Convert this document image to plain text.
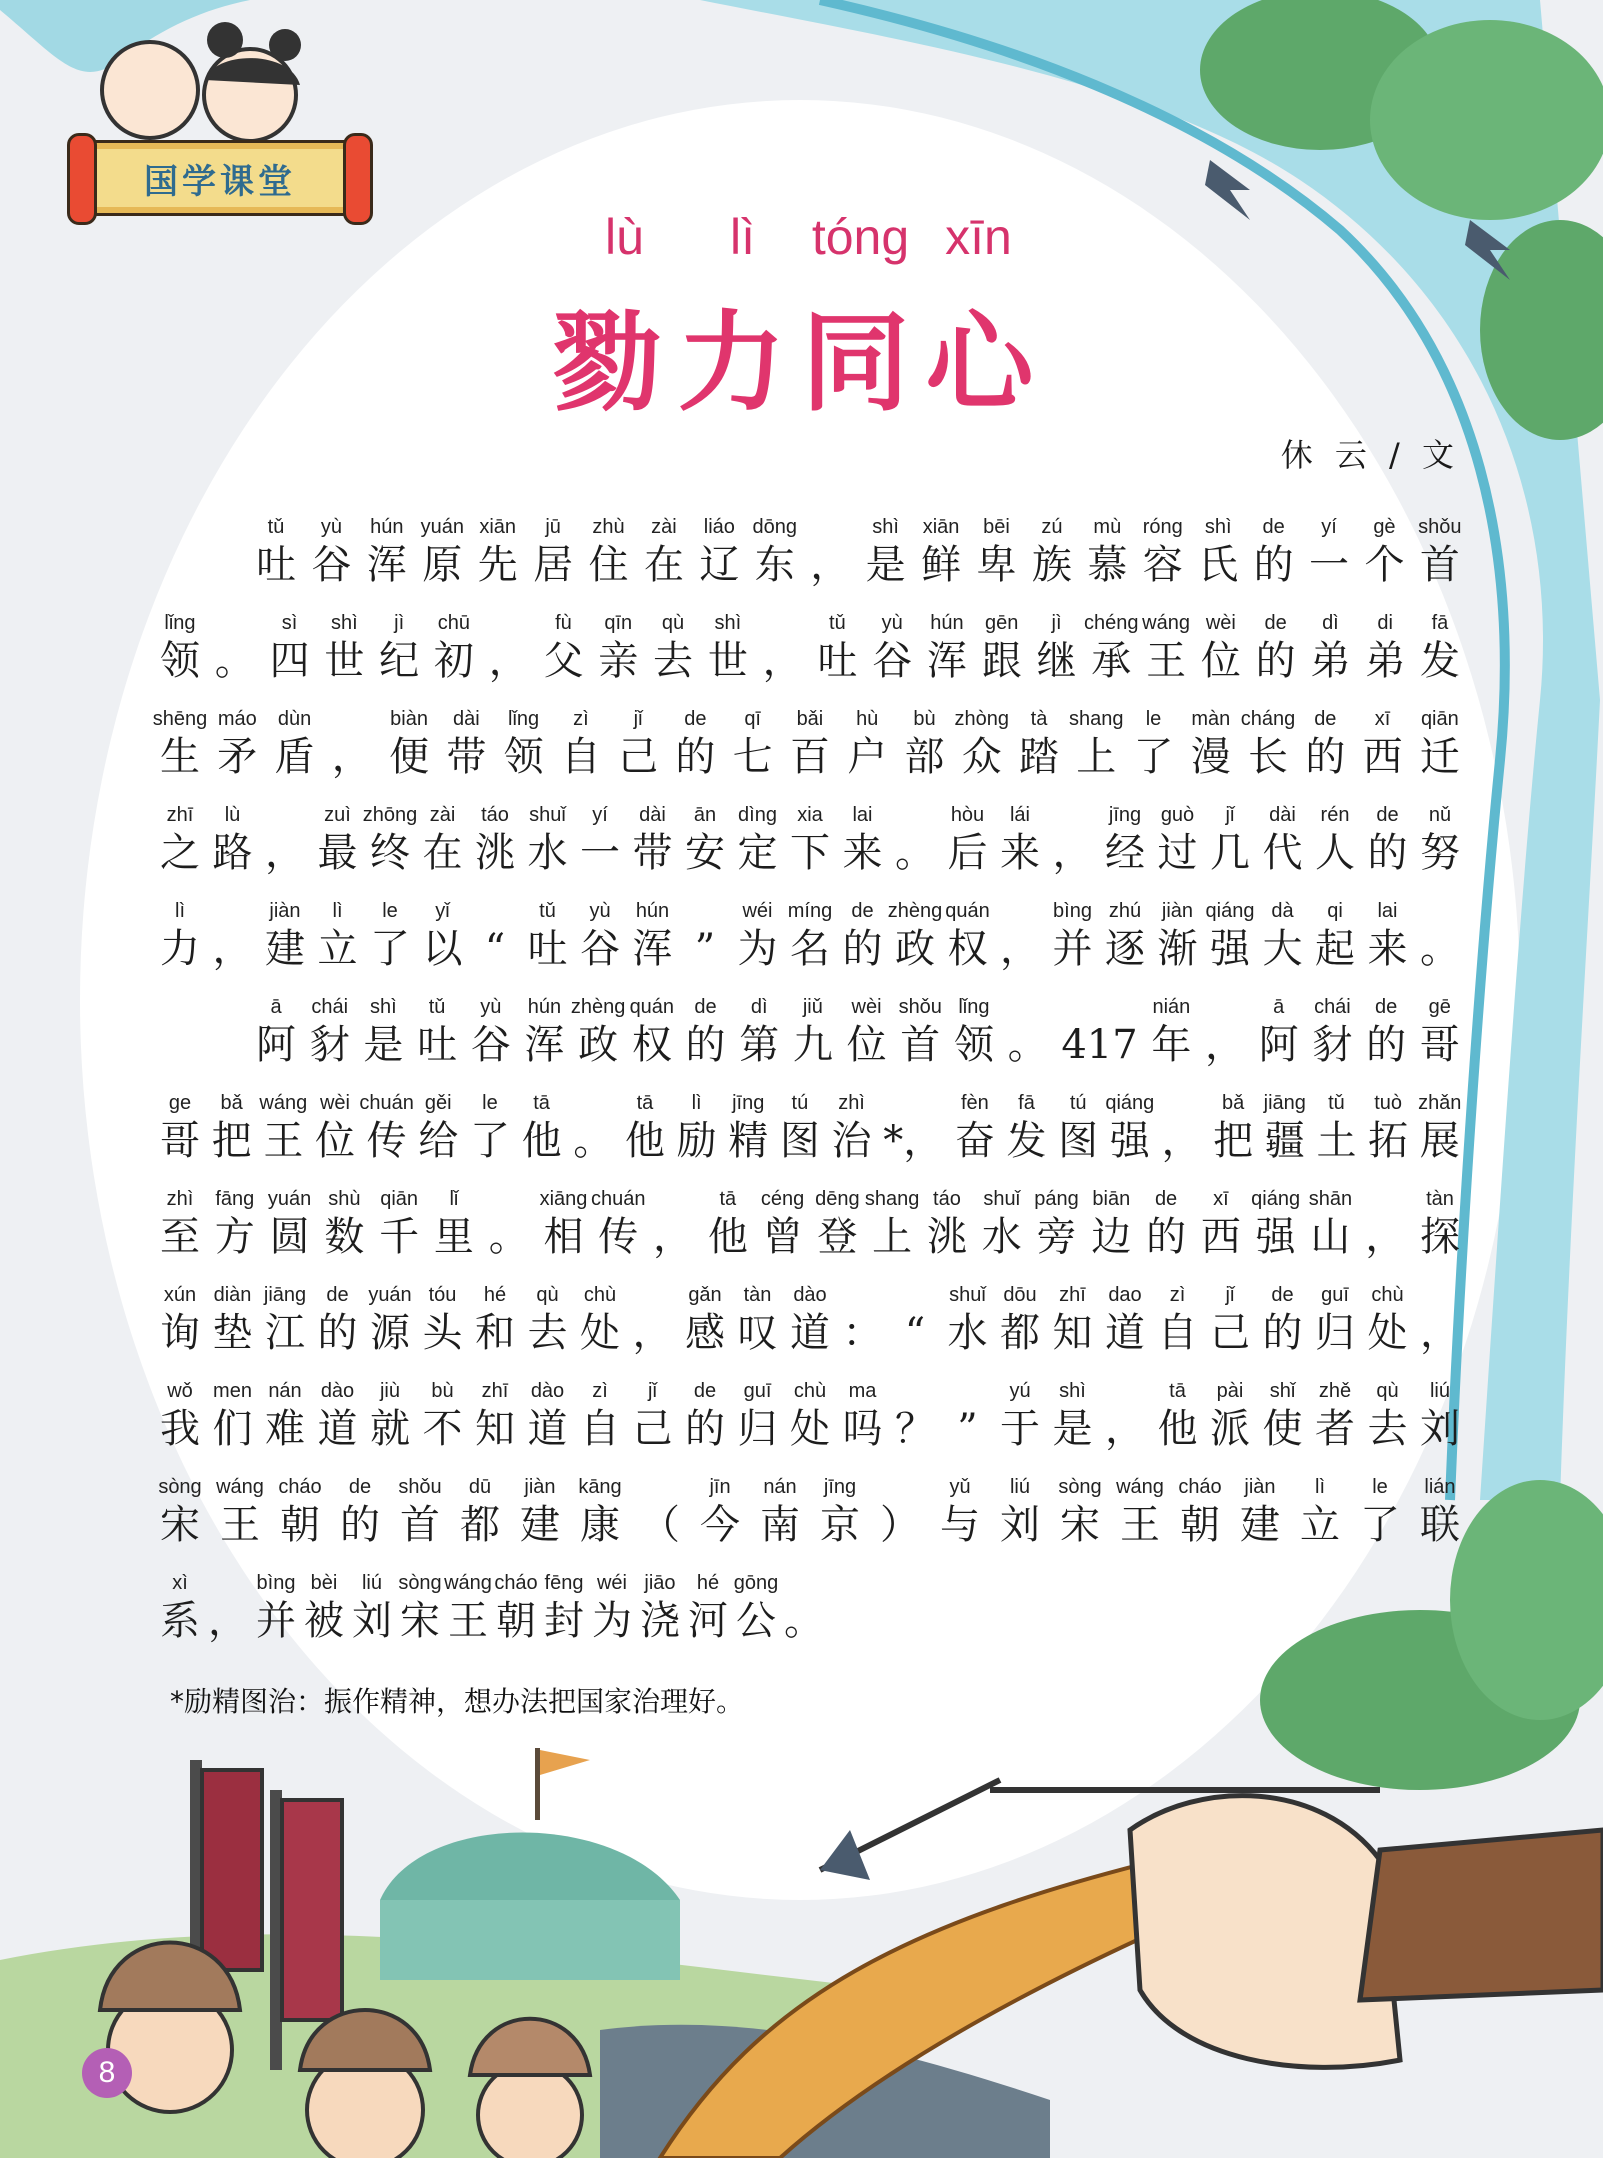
国学课堂
lù	lì	tóng xīn
勠力同心
休 云 / 文
tǔ
吐
yù
谷
hún
浑
yuán
原
xiān
先
jū
居
zhù
住
zài
在
liáo
辽
dōng
东 ，
shì
是
xiān
鲜
bēi
卑
zú
族
mù
慕
róng
容
shì
氏
de
的
yí
一
gè
个
shǒu
首
lǐng
领 。
sì
四
shì
世
jì
纪
chū
初 ，
fù
父
qīn
亲
qù
去
shì
世 ，
tǔ
吐
yù
谷
hún
浑
gēn
跟
jì
继
chéng
承
wáng
王
wèi
位
de
的
dì
弟
di
弟
fā
发
shēng
生
máo
矛
dùn
盾 ，
biàn
便
dài
带
lǐng
领
zì
自
jǐ
己
de
的
qī
七
bǎi
百
hù
户
bù
部
zhòng
众
tà
踏
shang
上
le
了
màn
漫
cháng
长
de
的
xī
西
qiān
迁
zhī
之
lù
路 ，
zuì
最
zhōng
终
zài
在
táo
洮
shuǐ
水
yí
一
dài
带
ān
安
dìng
定
xia
下
lai
来 。
hòu
后
lái
来 ，
jīng
经
guò
过
jǐ
几
dài
代
rén
人
de
的
nǔ
努
lì
力 ，
jiàn
建
lì
立
le
了
yǐ
以 “
tǔ
吐
yù
谷
hún
浑 ”
wéi
为
míng
名
de
的
zhèng
政
quán
权 ，
bìng
并
zhú
逐
jiàn
渐
qiáng
强
dà
大
qi
起
lai
来 。
ā
阿
chái
豺
shì
是
tǔ
吐
yù
谷
hún
浑
zhèng
政
quán
权
de
的
dì
第
jiǔ
九
wèi
位
shǒu
首
lǐng
领 。 417
nián
年 ，
ā
阿
chái
豺
de
的
gē
哥
ge
哥
bǎ
把
wáng
王
wèi
位
chuán
传
gěi
给
le
了
tā
他 。
tā
他
lì
励
jīng
精
tú
图
zhì
治 *，
fèn
奋
fā
发
tú
图
qiáng
强 ，
bǎ
把
jiāng
疆
tǔ
土
tuò
拓
zhǎn
展
zhì
至
fāng
方
yuán
圆
shù
数
qiān
千
lǐ
里 。
xiāng
相
chuán
传 ，
tā
他
céng
曾
dēng
登
shang
上
táo
洮
shuǐ
水
páng
旁
biān
边
de
的
xī
西
qiáng
强
shān
山 ，
tàn
探
xún
询
diàn
垫
jiāng
江
de
的
yuán
源
tóu
头
hé
和
qù
去
chù
处 ，
gǎn
感
tàn
叹
dào
道 ： “
shuǐ
水
dōu
都
zhī
知
dao
道
zì
自
jǐ
己
de
的
guī
归
chù
处 ，
wǒ
我
men
们
nán
难
dào
道
jiù
就
bù
不
zhī
知
dào
道
zì
自
jǐ
己
de
的
guī
归
chù
处
ma
吗 ？ ”
yú
于
shì
是 ，
tā
他
pài
派
shǐ
使
zhě
者
qù
去
liú
刘
sòng
宋
wáng
王
cháo
朝
de
的
shǒu
首
dū
都
jiàn
建
kāng
康 （
jīn
今
nán
南
jīng
京 ）
yǔ
与
liú
刘
sòng
宋
wáng
王
cháo
朝
jiàn
建
lì
立
le
了
lián
联
xì
系 ，
bìng
并
bèi
被
liú
刘
sòng
宋
wáng
王
cháo
朝
fēng
封
wéi
为
jiāo
浇
hé
河
gōng
公 。
*励精图治：振作精神，想办法把国家治理好。
8
